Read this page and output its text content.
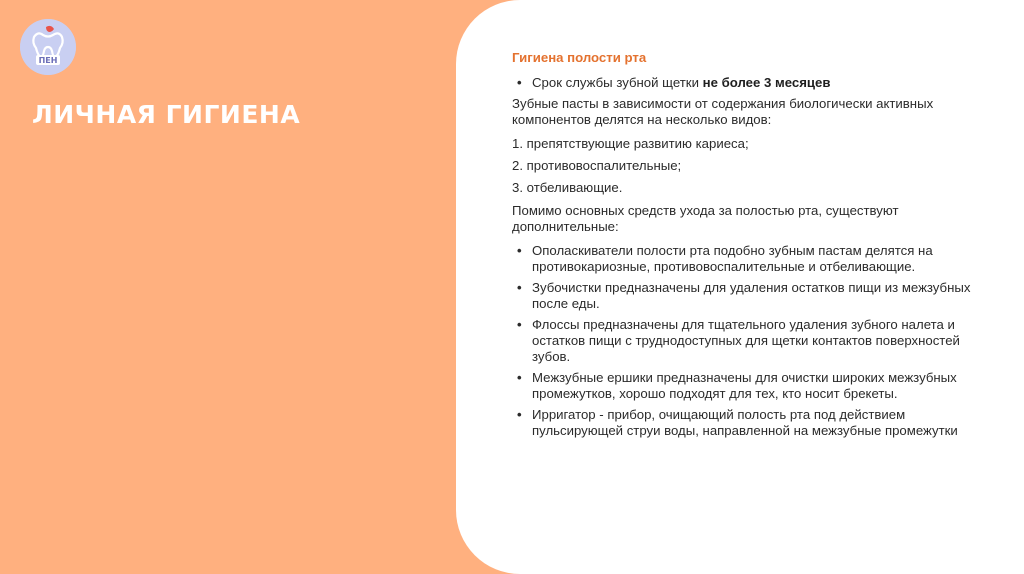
ПЕН
ЛИЧНАЯ ГИГИЕНА
Гигиена полости рта
• Срок службы зубной щетки не более 3 месяцев
Зубные пасты в зависимости от содержания биологически активных компонентов делятся на несколько видов:
1. препятствующие развитию кариеса;
2. противовоспалительные;
3. отбеливающие.
Помимо основных средств ухода за полостью рта, существуют дополнительные:
• Ополаскиватели полости рта подобно зубным пастам делятся на противокариозные, противовоспалительные и отбеливающие.
• Зубочистки предназначены для удаления остатков пищи из межзубных после еды.
• Флоссы предназначены для тщательного удаления зубного налета и остатков пищи с труднодоступных для щетки контактов поверхностей зубов.
• Межзубные ершики предназначены для очистки широких межзубных промежутков, хорошо подходят для тех, кто носит брекеты.
• Ирригатор - прибор, очищающий полость рта под действием пульсирующей струи воды, направленной на межзубные промежутки
